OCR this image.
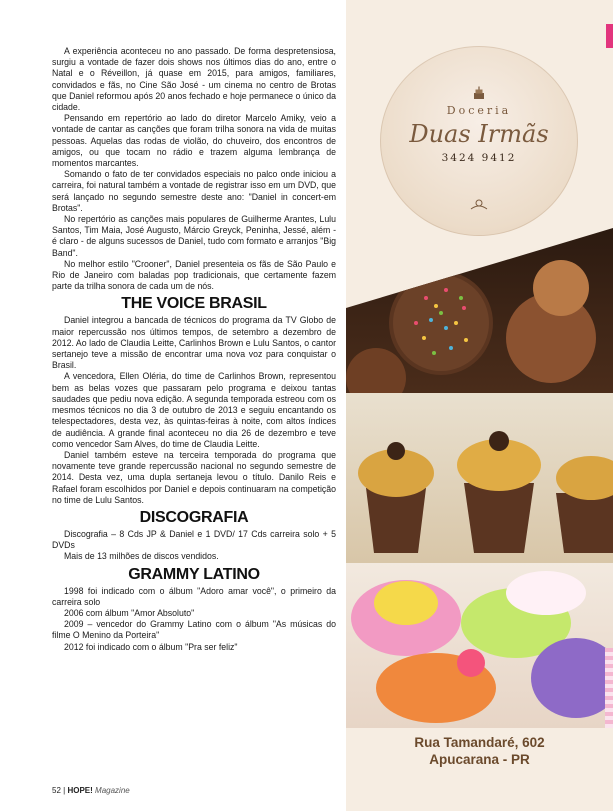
A experiência aconteceu no ano passado. De forma despretensiosa, surgiu a vontade de fazer dois shows nos últimos dias do ano, entre o Natal e o Réveillon, já quase em 2015, para amigos, familiares, convidados e fãs, no Cine São José - um cinema no centro de Brotas que Daniel reformou após 20 anos fechado e hoje permanece o único da cidade.

Pensando em repertório ao lado do diretor Marcelo Amiky, veio a vontade de cantar as canções que foram trilha sonora na vida de muitas pessoas. Aquelas das rodas de violão, do chuveiro, dos encontros de amigos, ou que tocam no rádio e trazem alguma lembrança de momentos marcantes.

Somando o fato de ter convidados especiais no palco onde iniciou a carreira, foi natural também a vontade de registrar isso em um DVD, que será lançado no segundo semestre deste ano: "Daniel in concert-em Brotas".

No repertório as canções mais populares de Guilherme Arantes, Lulu Santos, Tim Maia, José Augusto, Márcio Greyck, Peninha, Jessé, além - é claro - de alguns sucessos de Daniel, tudo com formato e arranjos "Big Band".

No melhor estilo "Crooner", Daniel presenteia os fãs de São Paulo e Rio de Janeiro com baladas pop tradicionais, que certamente fazem parte da trilha sonora de cada um de nós.

THE VOICE BRASIL

Daniel integrou a bancada de técnicos do programa da TV Globo de maior repercussão nos últimos tempos, de setembro a dezembro de 2012. Ao lado de Claudia Leitte, Carlinhos Brown e Lulu Santos, o cantor sertanejo teve a missão de encontrar uma nova voz para conquistar o Brasil.

A vencedora, Ellen Oléria, do time de Carlinhos Brown, representou bem as belas vozes que passaram pelo programa e deixou tantas saudades que pediu nova edição. A segunda temporada estreou com os mesmos técnicos no dia 3 de outubro de 2013 e seguiu encantando os telespectadores, desta vez, às quintas-feiras à noite, com altos índices de audiência. A grande final aconteceu no dia 26 de dezembro e teve como vencedor Sam Alves, do time de Claudia Leitte.

Daniel também esteve na terceira temporada do programa que novamente teve grande repercussão nacional no segundo semestre de 2014. Desta vez, uma dupla sertaneja levou o título. Danilo Reis e Rafael foram escolhidos por Daniel e depois continuaram na competição no time de Lulu Santos.

DISCOGRAFIA

Discografia – 8 Cds JP & Daniel e 1 DVD/ 17 Cds carreira solo + 5 DVDs

Mais de 13 milhões de discos vendidos.

GRAMMY LATINO

1998 foi indicado com o álbum "Adoro amar você", o primeiro da carreira solo

2006 com álbum "Amor Absoluto"

2009 – vencedor do Grammy Latino com o álbum "As músicas do filme O Menino da Porteira"

2012 foi indicado com o álbum "Pra ser feliz"

52 | HOPE! Magazine
Doceria
Duas Irmãs
3424 9412
Rua Tamandaré, 602
Apucarana - PR
